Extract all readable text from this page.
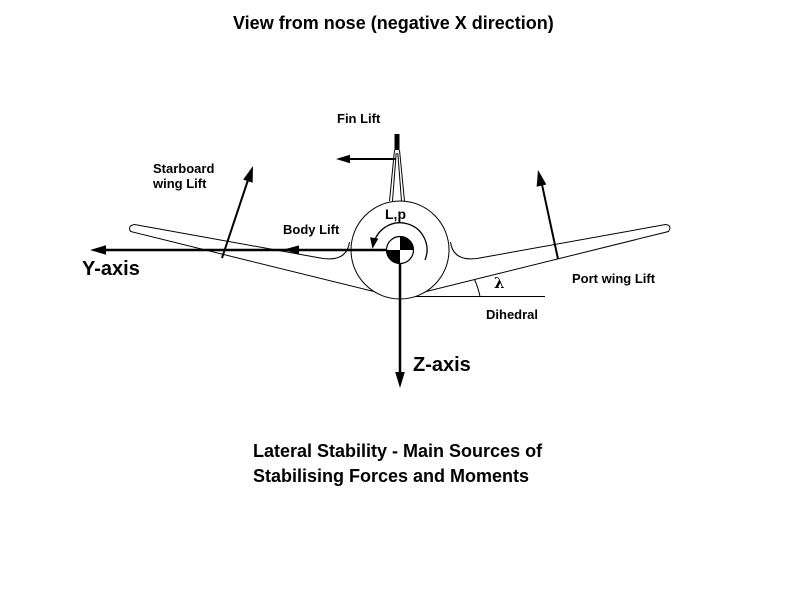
View from nose (negative X direction)
Fin Lift
Starboard
wing Lift
Body Lift
L,p
Y-axis	Port wing Lift
λ
Dihedral
Z-axis
Lateral Stability - Main Sources of
Stabilising Forces and Moments
